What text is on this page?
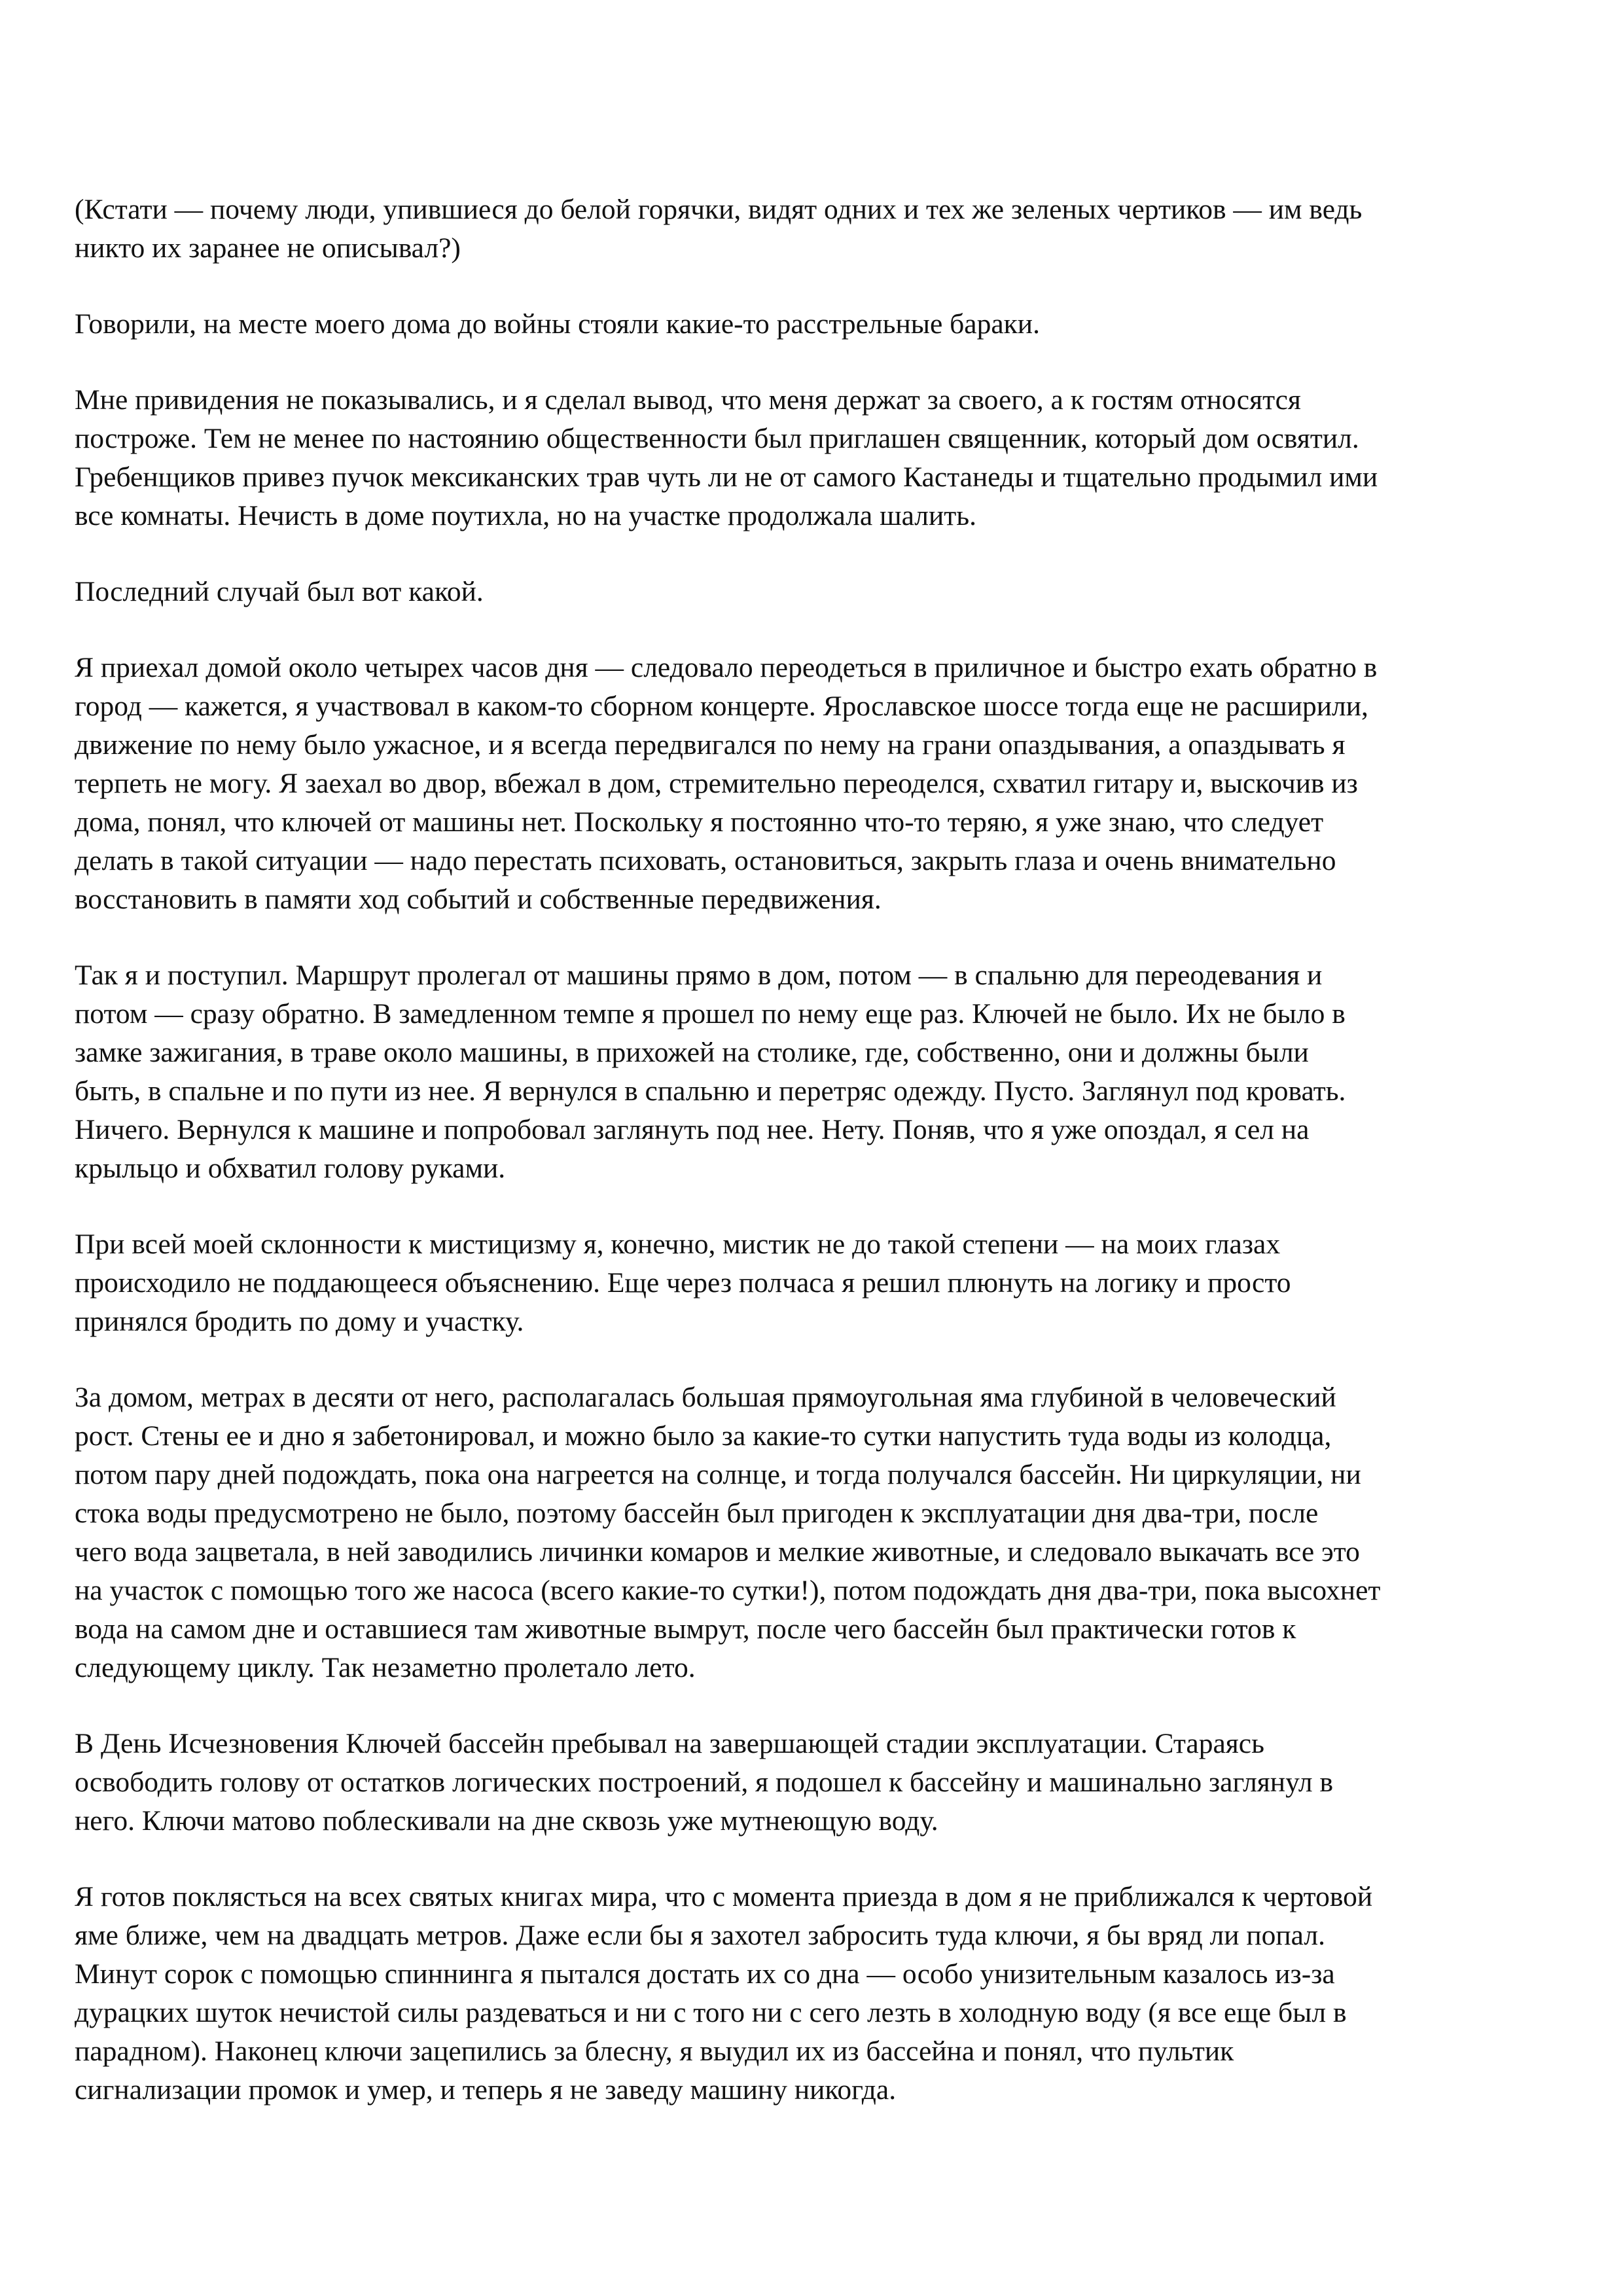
(Кстати — почему люди, упившиеся до белой горячки, видят одних и тех же зеленых чертиков — им ведь
никто их заранее не описывал?)

Говорили, на месте моего дома до войны стояли какие-то расстрельные бараки.

Мне привидения не показывались, и я сделал вывод, что меня держат за своего, а к гостям относятся
построже. Тем не менее по настоянию общественности был приглашен священник, который дом освятил.
Гребенщиков привез пучок мексиканских трав чуть ли не от самого Кастанеды и тщательно продымил ими
все комнаты. Нечисть в доме поутихла, но на участке продолжала шалить.

Последний случай был вот какой.

Я приехал домой около четырех часов дня — следовало переодеться в приличное и быстро ехать обратно в
город — кажется, я участвовал в каком-то сборном концерте. Ярославское шоссе тогда еще не расширили,
движение по нему было ужасное, и я всегда передвигался по нему на грани опаздывания, а опаздывать я
терпеть не могу. Я заехал во двор, вбежал в дом, стремительно переоделся, схватил гитару и, выскочив из
дома, понял, что ключей от машины нет. Поскольку я постоянно что-то теряю, я уже знаю, что следует
делать в такой ситуации — надо перестать психовать, остановиться, закрыть глаза и очень внимательно
восстановить в памяти ход событий и собственные передвижения.

Так я и поступил. Маршрут пролегал от машины прямо в дом, потом — в спальню для переодевания и
потом — сразу обратно. В замедленном темпе я прошел по нему еще раз. Ключей не было. Их не было в
замке зажигания, в траве около машины, в прихожей на столике, где, собственно, они и должны были
быть, в спальне и по пути из нее. Я вернулся в спальню и перетряс одежду. Пусто. Заглянул под кровать.
Ничего. Вернулся к машине и попробовал заглянуть под нее. Нету. Поняв, что я уже опоздал, я сел на
крыльцо и обхватил голову руками.

При всей моей склонности к мистицизму я, конечно, мистик не до такой степени — на моих глазах
происходило не поддающееся объяснению. Еще через полчаса я решил плюнуть на логику и просто
принялся бродить по дому и участку.

За домом, метрах в десяти от него, располагалась большая прямоугольная яма глубиной в человеческий
рост. Стены ее и дно я забетонировал, и можно было за какие-то сутки напустить туда воды из колодца,
потом пару дней подождать, пока она нагреется на солнце, и тогда получался бассейн. Ни циркуляции, ни
стока воды предусмотрено не было, поэтому бассейн был пригоден к эксплуатации дня два-три, после
чего вода зацветала, в ней заводились личинки комаров и мелкие животные, и следовало выкачать все это
на участок с помощью того же насоса (всего какие-то сутки!), потом подождать дня два-три, пока высохнет
вода на самом дне и оставшиеся там животные вымрут, после чего бассейн был практически готов к
следующему циклу. Так незаметно пролетало лето.

В День Исчезновения Ключей бассейн пребывал на завершающей стадии эксплуатации. Стараясь
освободить голову от остатков логических построений, я подошел к бассейну и машинально заглянул в
него. Ключи матово поблескивали на дне сквозь уже мутнеющую воду.

Я готов поклясться на всех святых книгах мира, что с момента приезда в дом я не приближался к чертовой
яме ближе, чем на двадцать метров. Даже если бы я захотел забросить туда ключи, я бы вряд ли попал.
Минут сорок с помощью спиннинга я пытался достать их со дна — особо унизительным казалось из-за
дурацких шуток нечистой силы раздеваться и ни с того ни с сего лезть в холодную воду (я все еще был в
парадном). Наконец ключи зацепились за блесну, я выудил их из бассейна и понял, что пультик
сигнализации промок и умер, и теперь я не заведу машину никогда.
